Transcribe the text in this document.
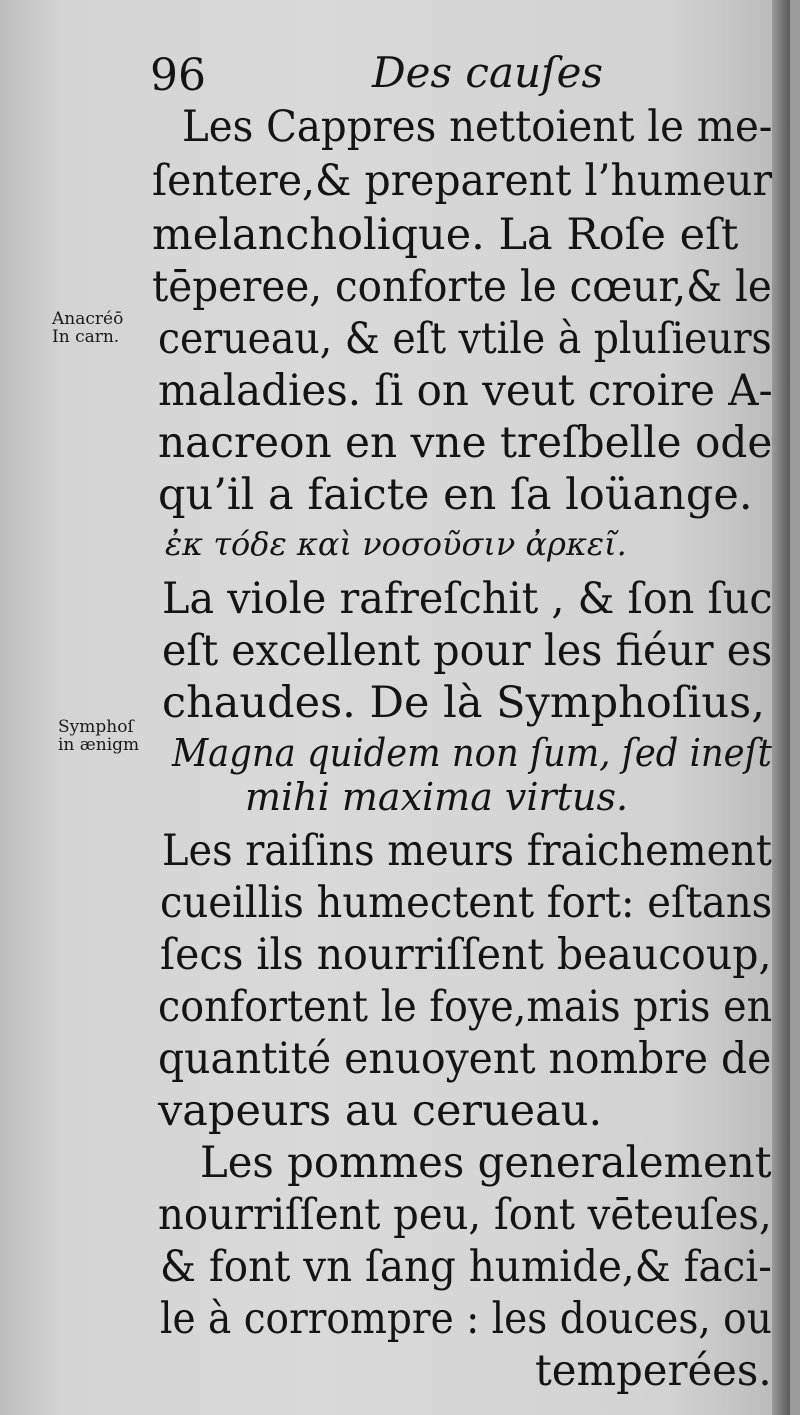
96	Des cauſes
Anacréō
In carn.
Symphoſ
in ænigm
Les Cappres nettoient le me-
ſentere,& preparent l’humeur
melancholique. La Roſe eſt
tēperee, conforte le cœur,& le
cerueau, & eſt vtile à pluſieurs
maladies. ſi on veut croire A-
nacreon en vne treſbelle ode
qu’il a faicte en ſa loüange.
ἐκ τόδε καὶ νοσοῦσιν ἀρκεῖ.
La viole rafreſchit , & ſon ſuc
eſt excellent pour les fiéur es
chaudes. De là Symphoſius,
Magna quidem non ſum, ſed ineſt
mihi maxima virtus.
Les raiſins meurs fraichement
cueillis humectent fort: eſtans
ſecs ils nourriſſent beaucoup,
confortent le foye,mais pris en
quantité enuoyent nombre de
vapeurs au cerueau.
Les pommes generalement
nourriſſent peu, ſont vēteuſes,
& font vn ſang humide,& faci-
le à corrompre : les douces, ou
temperées.
